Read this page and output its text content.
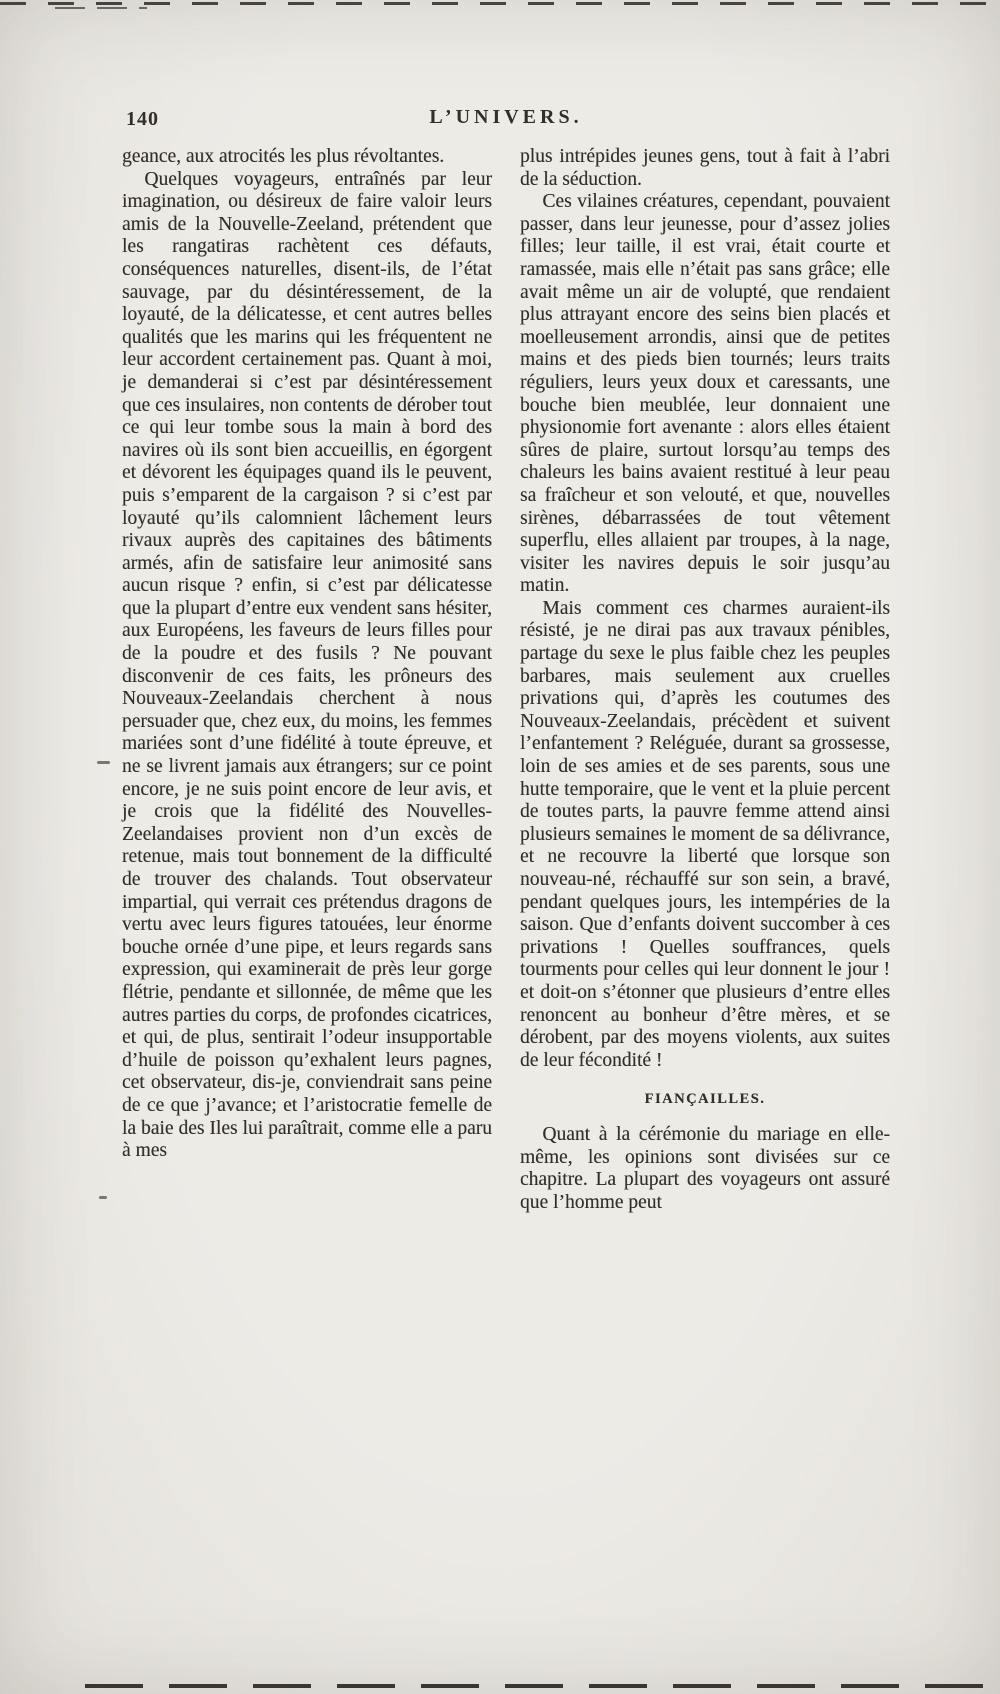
140	L’UNIVERS.

geance, aux atrocités les plus révoltantes.

Quelques voyageurs, entraînés par leur imagination, ou désireux de faire valoir leurs amis de la Nouvelle-Zeeland, prétendent que les rangatiras rachètent ces défauts, conséquences naturelles, disent-ils, de l’état sauvage, par du désintéressement, de la loyauté, de la délicatesse, et cent autres belles qualités que les marins qui les fréquentent ne leur accordent certainement pas. Quant à moi, je demanderai si c’est par désintéressement que ces insulaires, non contents de dérober tout ce qui leur tombe sous la main à bord des navires où ils sont bien accueillis, en égorgent et dévorent les équipages quand ils le peuvent, puis s’emparent de la cargaison ? si c’est par loyauté qu’ils calomnient lâchement leurs rivaux auprès des capitaines des bâtiments armés, afin de satisfaire leur animosité sans aucun risque ? enfin, si c’est par délicatesse que la plupart d’entre eux vendent sans hésiter, aux Européens, les faveurs de leurs filles pour de la poudre et des fusils ? Ne pouvant disconvenir de ces faits, les prôneurs des Nouveaux-Zeelandais cherchent à nous persuader que, chez eux, du moins, les femmes mariées sont d’une fidélité à toute épreuve, et ne se livrent jamais aux étrangers; sur ce point encore, je ne suis point encore de leur avis, et je crois que la fidélité des Nouvelles-Zeelandaises provient non d’un excès de retenue, mais tout bonnement de la difficulté de trouver des chalands. Tout observateur impartial, qui verrait ces prétendus dragons de vertu avec leurs figures tatouées, leur énorme bouche ornée d’une pipe, et leurs regards sans expression, qui examinerait de près leur gorge flétrie, pendante et sillonnée, de même que les autres parties du corps, de profondes cicatrices, et qui, de plus, sentirait l’odeur insupportable d’huile de poisson qu’exhalent leurs pagnes, cet observateur, dis-je, conviendrait sans peine de ce que j’avance; et l’aristocratie femelle de la baie des Iles lui paraîtrait, comme elle a paru à mes

plus intrépides jeunes gens, tout à fait à l’abri de la séduction.

Ces vilaines créatures, cependant, pouvaient passer, dans leur jeunesse, pour d’assez jolies filles; leur taille, il est vrai, était courte et ramassée, mais elle n’était pas sans grâce; elle avait même un air de volupté, que rendaient plus attrayant encore des seins bien placés et moelleusement arrondis, ainsi que de petites mains et des pieds bien tournés; leurs traits réguliers, leurs yeux doux et caressants, une bouche bien meublée, leur donnaient une physionomie fort avenante : alors elles étaient sûres de plaire, surtout lorsqu’au temps des chaleurs les bains avaient restitué à leur peau sa fraîcheur et son velouté, et que, nouvelles sirènes, débarrassées de tout vêtement superflu, elles allaient par troupes, à la nage, visiter les navires depuis le soir jusqu’au matin.

Mais comment ces charmes auraient-ils résisté, je ne dirai pas aux travaux pénibles, partage du sexe le plus faible chez les peuples barbares, mais seulement aux cruelles privations qui, d’après les coutumes des Nouveaux-Zeelandais, précèdent et suivent l’enfantement ? Reléguée, durant sa grossesse, loin de ses amies et de ses parents, sous une hutte temporaire, que le vent et la pluie percent de toutes parts, la pauvre femme attend ainsi plusieurs semaines le moment de sa délivrance, et ne recouvre la liberté que lorsque son nouveau-né, réchauffé sur son sein, a bravé, pendant quelques jours, les intempéries de la saison. Que d’enfants doivent succomber à ces privations ! Quelles souffrances, quels tourments pour celles qui leur donnent le jour ! et doit-on s’étonner que plusieurs d’entre elles renoncent au bonheur d’être mères, et se dérobent, par des moyens violents, aux suites de leur fécondité !

FIANÇAILLES.

Quant à la cérémonie du mariage en elle-même, les opinions sont divisées sur ce chapitre. La plupart des voyageurs ont assuré que l’homme peut
